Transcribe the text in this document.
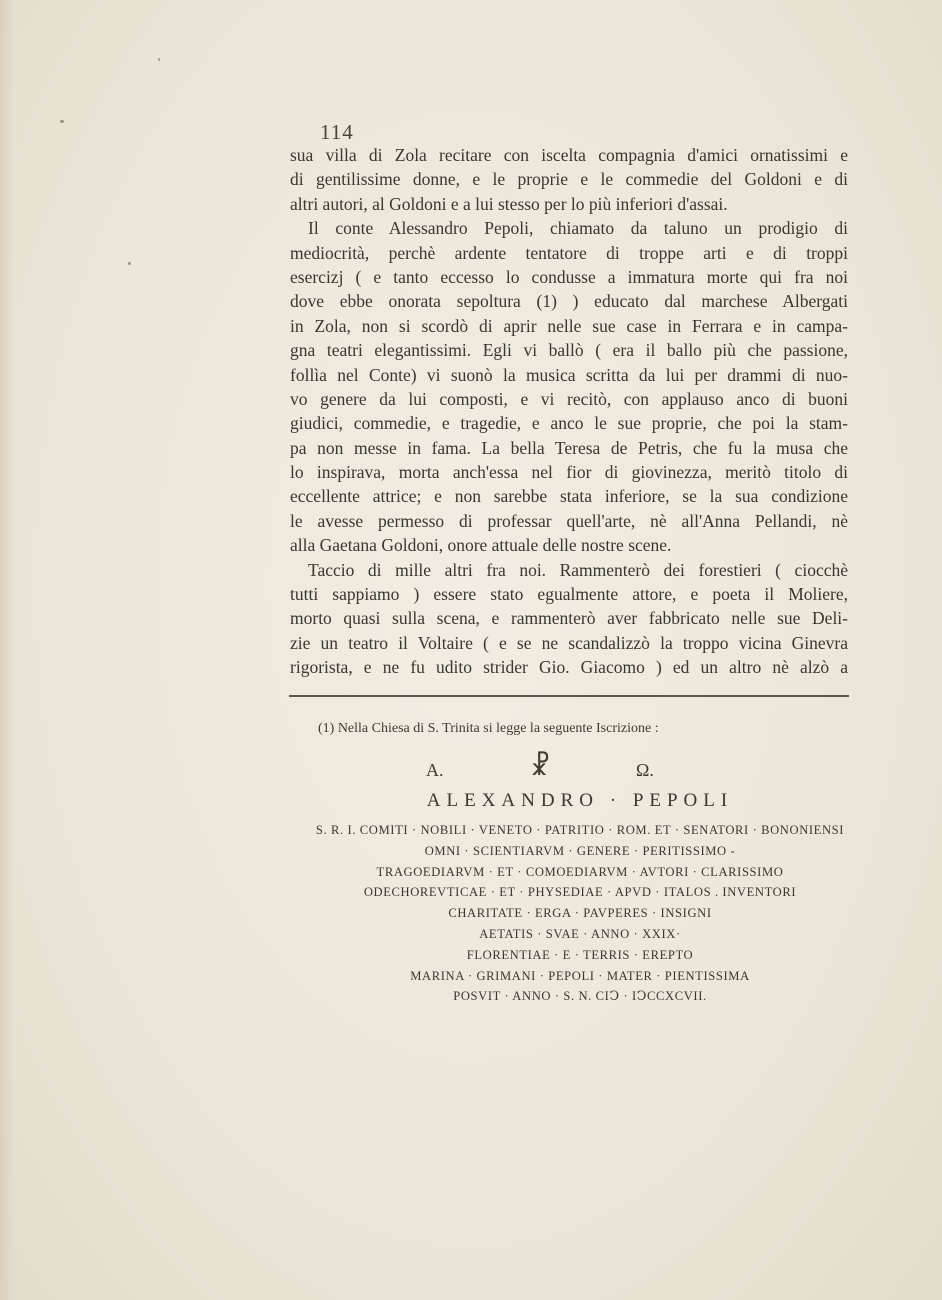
114
sua villa di Zola recitare con iscelta compagnia d'amici ornatissimi e
di gentilissime donne, e le proprie e le commedie del Goldoni e di
altri autori, al Goldoni e a lui stesso per lo più inferiori d'assai.
Il conte Alessandro Pepoli, chiamato da taluno un prodigio di
mediocrità, perchè ardente tentatore di troppe arti e di troppi
esercizj ( e tanto eccesso lo condusse a immatura morte qui fra noi
dove ebbe onorata sepoltura (1) ) educato dal marchese Albergati
in Zola, non si scordò di aprir nelle sue case in Ferrara e in campa-
gna teatri elegantissimi. Egli vi ballò ( era il ballo più che passione,
follìa nel Conte) vi suonò la musica scritta da lui per drammi di nuo-
vo genere da lui composti, e vi recitò, con applauso anco di buoni
giudici, commedie, e tragedie, e anco le sue proprie, che poi la stam-
pa non messe in fama. La bella Teresa de Petris, che fu la musa che
lo inspirava, morta anch'essa nel fior di giovinezza, meritò titolo di
eccellente attrice; e non sarebbe stata inferiore, se la sua condizione
le avesse permesso di professar quell'arte, nè all'Anna Pellandi, nè
alla Gaetana Goldoni, onore attuale delle nostre scene.
Taccio di mille altri fra noi. Rammenterò dei forestieri ( ciocchè
tutti sappiamo ) essere stato egualmente attore, e poeta il Moliere,
morto quasi sulla scena, e rammenterò aver fabbricato nelle sue Deli-
zie un teatro il Voltaire ( e se ne scandalizzò la troppo vicina Ginevra
rigorista, e ne fu udito strider Gio. Giacomo ) ed un altro nè alzò a
(1) Nella Chiesa di S. Trinita si legge la seguente Iscrizione :
A.	☧	Ω.
ALEXANDRO · PEPOLI
S. R. I. COMITI · NOBILI · VENETO · PATRITIO · ROM. ET · SENATORI · BONONIENSI
OMNI · SCIENTIARVM · GENERE · PERITISSIMO -
TRAGOEDIARVM · ET · COMOEDIARVM · AVTORI · CLARISSIMO
ODECHOREVTICAE · ET · PHYSEDIAE · APVD · ITALOS . INVENTORI
CHARITATE · ERGA · PAVPERES · INSIGNI
AETATIS · SVAE · ANNO · XXIX·
FLORENTIAE · E · TERRIS · EREPTO
MARINA · GRIMANI · PEPOLI · MATER · PIENTISSIMA
POSVIT · ANNO · S. N. CIↃ · IↃCCXCVII.
